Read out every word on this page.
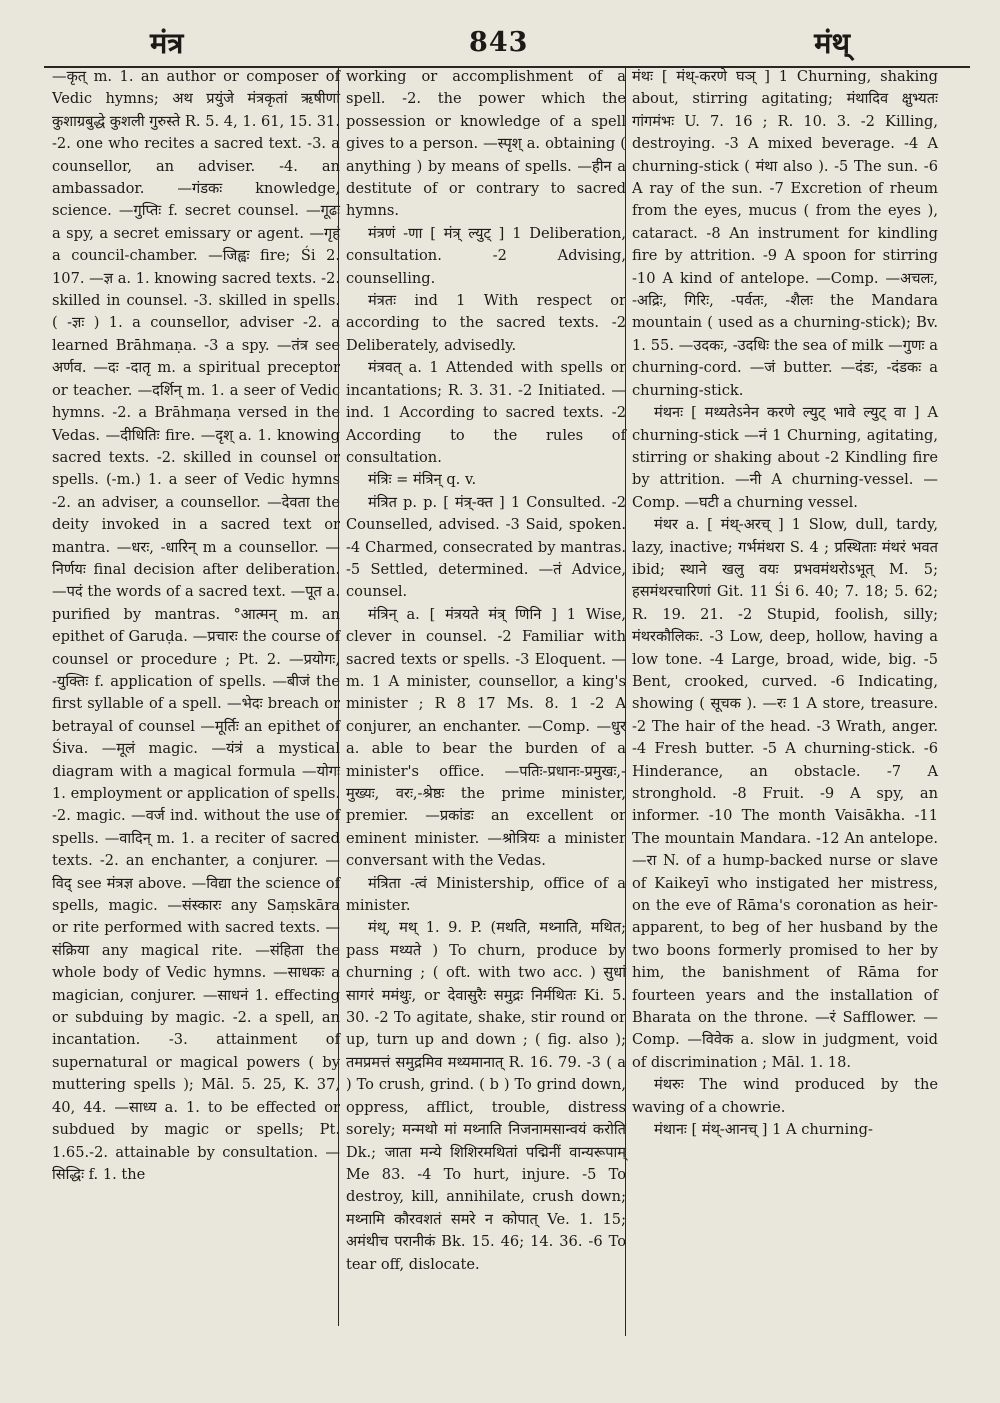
मंत्र	843	मंथ्

—कृत् m. 1. an author or composer of Vedic hymns; अथ प्रयुंजे मंत्रकृतां ऋषीणां कुशाग्रबुद्धे कुशली गुरुस्ते R. 5. 4, 1. 61, 15. 31. -2. one who recites a sacred text. -3. a counsellor, an adviser. -4. an ambassador. —गंडकः knowledge, science. —गुप्तिः f. secret counsel. —गूढः a spy, a secret emissary or agent. —गृहं a council-chamber. —जिह्वः fire; Śi 2. 107. —ज्ञ a. 1. knowing sacred texts. -2. skilled in counsel. -3. skilled in spells. ( -ज्ञः ) 1. a counsellor, adviser -2. a learned Brāhmaṇa. -3 a spy. —तंत्र see अर्णव. —दः -दातृ m. a spiritual preceptor or teacher. —दर्शिन् m. 1. a seer of Vedic hymns. -2. a Brāhmaṇa versed in the Vedas. —दीधितिः fire. —दृश् a. 1. knowing sacred texts. -2. skilled in counsel or spells. (-m.) 1. a seer of Vedic hymns -2. an adviser, a counsellor. —देवता the deity invoked in a sacred text or mantra. —धरः, -धारिन् m a counsellor. —निर्णयः final decision after deliberation. —पदं the words of a sacred text. —पूत a. purified by mantras. °आत्मन् m. an epithet of Garuḍa. —प्रचारः the course of counsel or procedure ; Pt. 2. —प्रयोगः, -युक्तिः f. application of spells. —बीजं the first syllable of a spell. —भेदः breach or betrayal of counsel —मूर्तिः an epithet of Śiva. —मूलं magic. —यंत्रं a mystical diagram with a magical formula —योगः 1. employment or application of spells. -2. magic. —वर्ज ind. without the use of spells. —वादिन् m. 1. a reciter of sacred texts. -2. an enchanter, a conjurer. —विद् see मंत्रज्ञ above. —विद्या the science of spells, magic. —संस्कारः any Saṃskāra or rite performed with sacred texts. —संक्रिया any magical rite. —संहिता the whole body of Vedic hymns. —साधकः a magician, conjurer. —साधनं 1. effecting or subduing by magic. -2. a spell, an incantation. -3. attainment of supernatural or magical powers ( by muttering spells ); Māl. 5. 25, K. 37, 40, 44. —साध्य a. 1. to be effected or subdued by magic or spells; Pt. 1.65.-2. attainable by consultation. —सिद्धिः f. 1. the

working or accomplishment of a spell. -2. the power which the possession or knowledge of a spell gives to a person. —स्पृश् a. obtaining ( anything ) by means of spells. —हीन a destitute of or contrary to sacred hymns.

मंत्रणं -णा [ मंत्र् ल्युट् ] 1 Deliberation, consultation. -2 Advising, counselling.

मंत्रतः ind 1 With respect or according to the sacred texts. -2 Deliberately, advisedly.

मंत्रवत् a. 1 Attended with spells or incantations; R. 3. 31. -2 Initiated. —ind. 1 According to sacred texts. -2 According to the rules of consultation.

मंत्रिः = मंत्रिन् q. v.

मंत्रित p. p. [ मंत्र्-क्त ] 1 Consulted. -2 Counselled, advised. -3 Said, spoken. -4 Charmed, consecrated by mantras. -5 Settled, determined. —तं Advice, counsel.

मंत्रिन् a. [ मंत्रयते मंत्र् णिनि ] 1 Wise, clever in counsel. -2 Familiar with sacred texts or spells. -3 Eloquent. —m. 1 A minister, counsellor, a king's minister ; R 8 17 Ms. 8. 1 -2 A conjurer, an enchanter. —Comp. —धुर a. able to bear the burden of a minister's office. —पतिः-प्रधानः-प्रमुखः,-मुख्यः, वरः,-श्रेष्ठः the prime minister, premier. —प्रकांडः an excellent or eminent minister. —श्रोत्रियः a minister conversant with the Vedas.

मंत्रिता -त्वं Ministership, office of a minister.

मंथ्, मथ् 1. 9. P. (मथति, मथ्नाति, मथित; pass मथ्यते ) To churn, produce by churning ; ( oft. with two acc. ) सुधां सागरं ममंथुः, or देवासुरैः समुद्रः निर्मथितः Ki. 5. 30. -2 To agitate, shake, stir round or up, turn up and down ; ( fig. also ); तमप्रमत्तं समुद्रमिव मथ्यमानात् R. 16. 79. -3 ( a ) To crush, grind. ( b ) To grind down, oppress, afflict, trouble, distress sorely; मन्मथो मां मथ्नाति निजनामसान्वयं करोति Dk.; जाता मन्ये शिशिरमथितां पद्मिनीं वान्यरूपाम् Me 83. -4 To hurt, injure. -5 To destroy, kill, annihilate, crush down; मथ्नामि कौरवशतं समरे न कोपात् Ve. 1. 15; अमंथीच परानीकं Bk. 15. 46; 14. 36. -6 To tear off, dislocate.

मंथः [ मंथ्-करणे घञ् ] 1 Churning, shaking about, stirring agitating; मंथादिव क्षुभ्यतः गांगमंभः U. 7. 16 ; R. 10. 3. -2 Killing, destroying. -3 A mixed beverage. -4 A churning-stick ( मंथा also ). -5 The sun. -6 A ray of the sun. -7 Excretion of rheum from the eyes, mucus ( from the eyes ), cataract. -8 An instrument for kindling fire by attrition. -9 A spoon for stirring -10 A kind of antelope. —Comp. —अचलः, -अद्रिः, गिरिः, -पर्वतः, -शैलः the Mandara mountain ( used as a churning-stick); Bv. 1. 55. —उदकः, -उदधिः the sea of milk —गुणः a churning-cord. —जं butter. —दंडः, -दंडकः a churning-stick.

मंथनः [ मथ्यतेऽनेन करणे ल्युट् भावे ल्युट् वा ] A churning-stick —नं 1 Churning, agitating, stirring or shaking about -2 Kindling fire by attrition. —नी A churning-vessel. —Comp. —घटी a churning vessel.

मंथर a. [ मंथ्-अरच् ] 1 Slow, dull, tardy, lazy, inactive; गर्भमंथरा S. 4 ; प्रस्थिताः मंथरं भवत ibid; स्थाने खलु वयः प्रभवमंथरोऽभूत् M. 5; हसमंथरचारिणां Git. 11 Śi 6. 40; 7. 18; 5. 62; R. 19. 21. -2 Stupid, foolish, silly; मंथरकौलिकः. -3 Low, deep, hollow, having a low tone. -4 Large, broad, wide, big. -5 Bent, crooked, curved. -6 Indicating, showing ( सूचक ). —रः 1 A store, treasure. -2 The hair of the head. -3 Wrath, anger. -4 Fresh butter. -5 A churning-stick. -6 Hinderance, an obstacle. -7 A stronghold. -8 Fruit. -9 A spy, an informer. -10 The month Vaisākha. -11 The mountain Mandara. -12 An antelope. —रा N. of a hump-backed nurse or slave of Kaikeyī who instigated her mistress, on the eve of Rāma's coronation as heir-apparent, to beg of her husband by the two boons formerly promised to her by him, the banishment of Rāma for fourteen years and the installation of Bharata on the throne. —रं Safflower. —Comp. —विवेक a. slow in judgment, void of discrimination ; Māl. 1. 18.

मंथरुः The wind produced by the waving of a chowrie.

मंथानः [ मंथ्-आनच् ] 1 A churning-
